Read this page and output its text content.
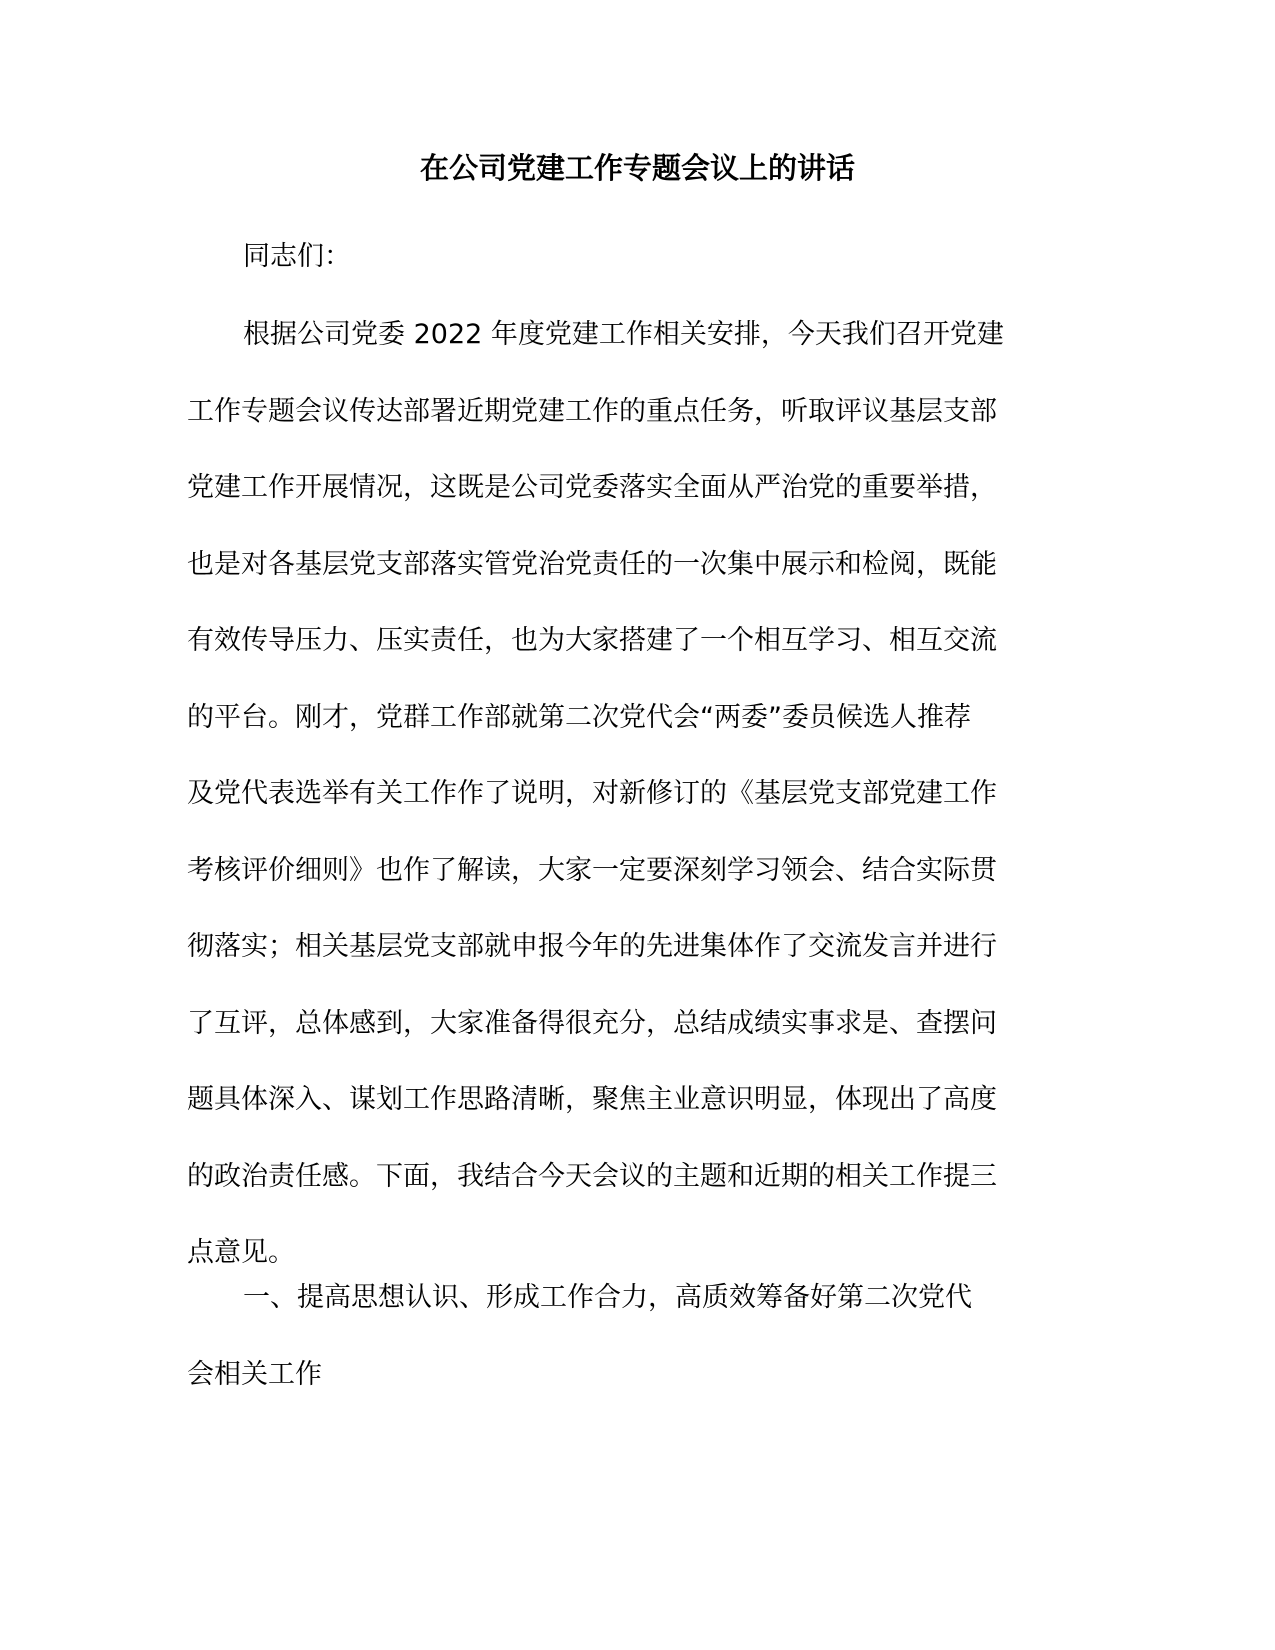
在公司党建工作专题会议上的讲话
同志们：
根据公司党委 2022 年度党建工作相关安排，今天我们召开党建
工作专题会议传达部署近期党建工作的重点任务，听取评议基层支部
党建工作开展情况，这既是公司党委落实全面从严治党的重要举措，
也是对各基层党支部落实管党治党责任的一次集中展示和检阅，既能
有效传导压力、压实责任，也为大家搭建了一个相互学习、相互交流
的平台。刚才，党群工作部就第二次党代会“两委”委员候选人推荐
及党代表选举有关工作作了说明，对新修订的《基层党支部党建工作
考核评价细则》也作了解读，大家一定要深刻学习领会、结合实际贯
彻落实；相关基层党支部就申报今年的先进集体作了交流发言并进行
了互评，总体感到，大家准备得很充分，总结成绩实事求是、查摆问
题具体深入、谋划工作思路清晰，聚焦主业意识明显，体现出了高度
的政治责任感。下面，我结合今天会议的主题和近期的相关工作提三
点意见。
一、提高思想认识、形成工作合力，高质效筹备好第二次党代
会相关工作
